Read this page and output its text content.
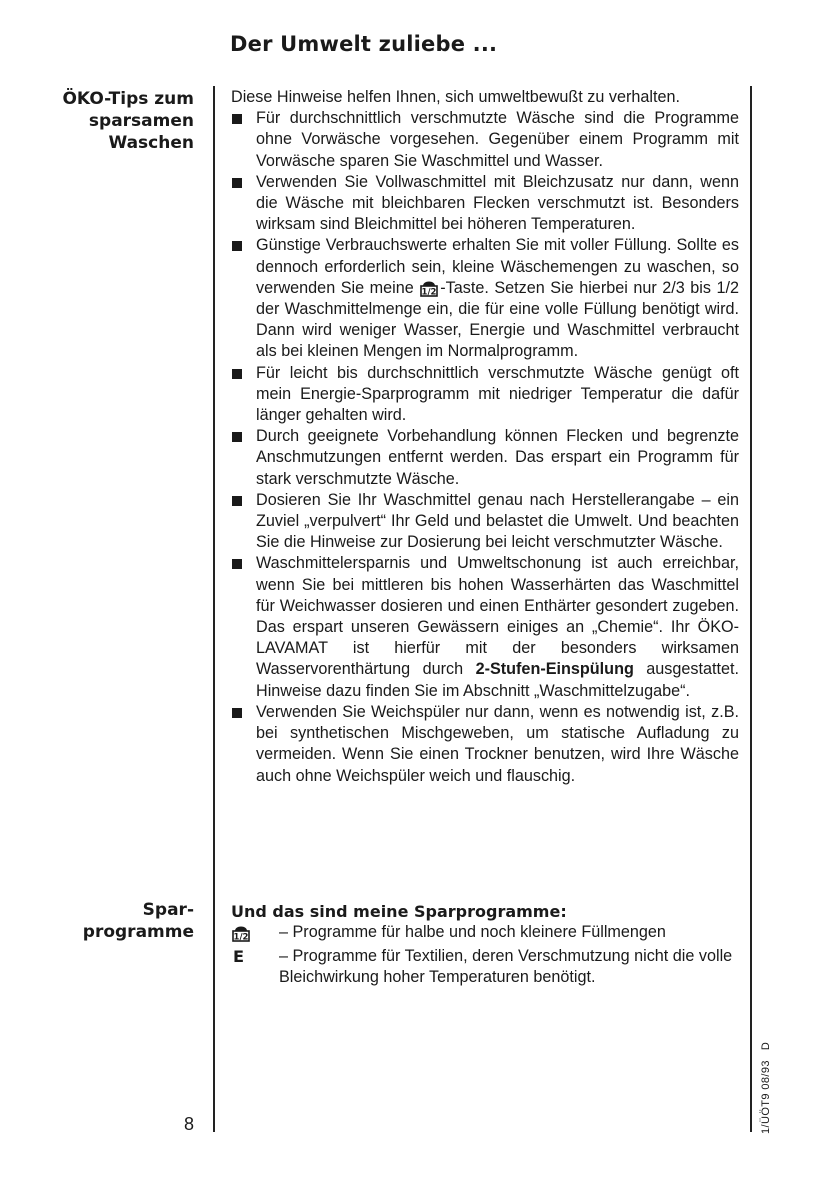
Der Umwelt zuliebe ...
ÖKO-Tips zum
sparsamen
Waschen
Spar-
programme

Diese Hinweise helfen Ihnen, sich umweltbewußt zu verhalten.

Für durchschnittlich verschmutzte Wäsche sind die Programme ohne Vorwäsche vorgesehen. Gegenüber einem Programm mit Vorwäsche sparen Sie Waschmittel und Wasser.
Verwenden Sie Vollwaschmittel mit Bleichzusatz nur dann, wenn die Wäsche mit bleichbaren Flecken verschmutzt ist. Besonders wirksam sind Bleichmittel bei höheren Temperaturen.
Günstige Verbrauchswerte erhalten Sie mit voller Füllung. Sollte es dennoch erforderlich sein, kleine Wäschemengen zu waschen, so verwenden Sie meine 1/2 -Taste. Setzen Sie hierbei nur 2/3 bis 1/2 der Waschmittelmenge ein, die für eine volle Füllung benötigt wird. Dann wird weniger Wasser, Energie und Waschmittel verbraucht als bei kleinen Mengen im Normalprogramm.
Für leicht bis durchschnittlich verschmutzte Wäsche genügt oft mein Energie-Sparprogramm mit niedriger Temperatur die dafür länger gehalten wird.
Durch geeignete Vorbehandlung können Flecken und begrenzte Anschmutzungen entfernt werden. Das erspart ein Programm für stark verschmutzte Wäsche.
Dosieren Sie Ihr Waschmittel genau nach Herstellerangabe – ein Zuviel „verpulvert“ Ihr Geld und belastet die Umwelt. Und beachten Sie die Hinweise zur Dosierung bei leicht verschmutzter Wäsche.
Waschmittelersparnis und Umweltschonung ist auch erreichbar, wenn Sie bei mittleren bis hohen Wasserhärten das Waschmittel für Weichwasser dosieren und einen Enthärter gesondert zugeben. Das erspart unseren Gewässern einiges an „Chemie“. Ihr ÖKO-LAVAMAT ist hierfür mit der besonders wirksamen Wasservorenthärtung durch 2-Stufen-Einspülung ausgestattet. Hinweise dazu finden Sie im Abschnitt „Waschmittelzugabe“.
Verwenden Sie Weichspüler nur dann, wenn es notwendig ist, z.B. bei synthetischen Mischgeweben, um statische Aufladung zu vermeiden. Wenn Sie einen Trockner benutzen, wird Ihre Wäsche auch ohne Weichspüler weich und flauschig.
Und das sind meine Sparprogramme:
1/2 – Programme für halbe und noch kleinere Füllmengen
E – Programme für Textilien, deren Verschmutzung nicht die volle Bleichwirkung hoher Temperaturen benötigt.
8	1/ÜÖT9 08/93D
